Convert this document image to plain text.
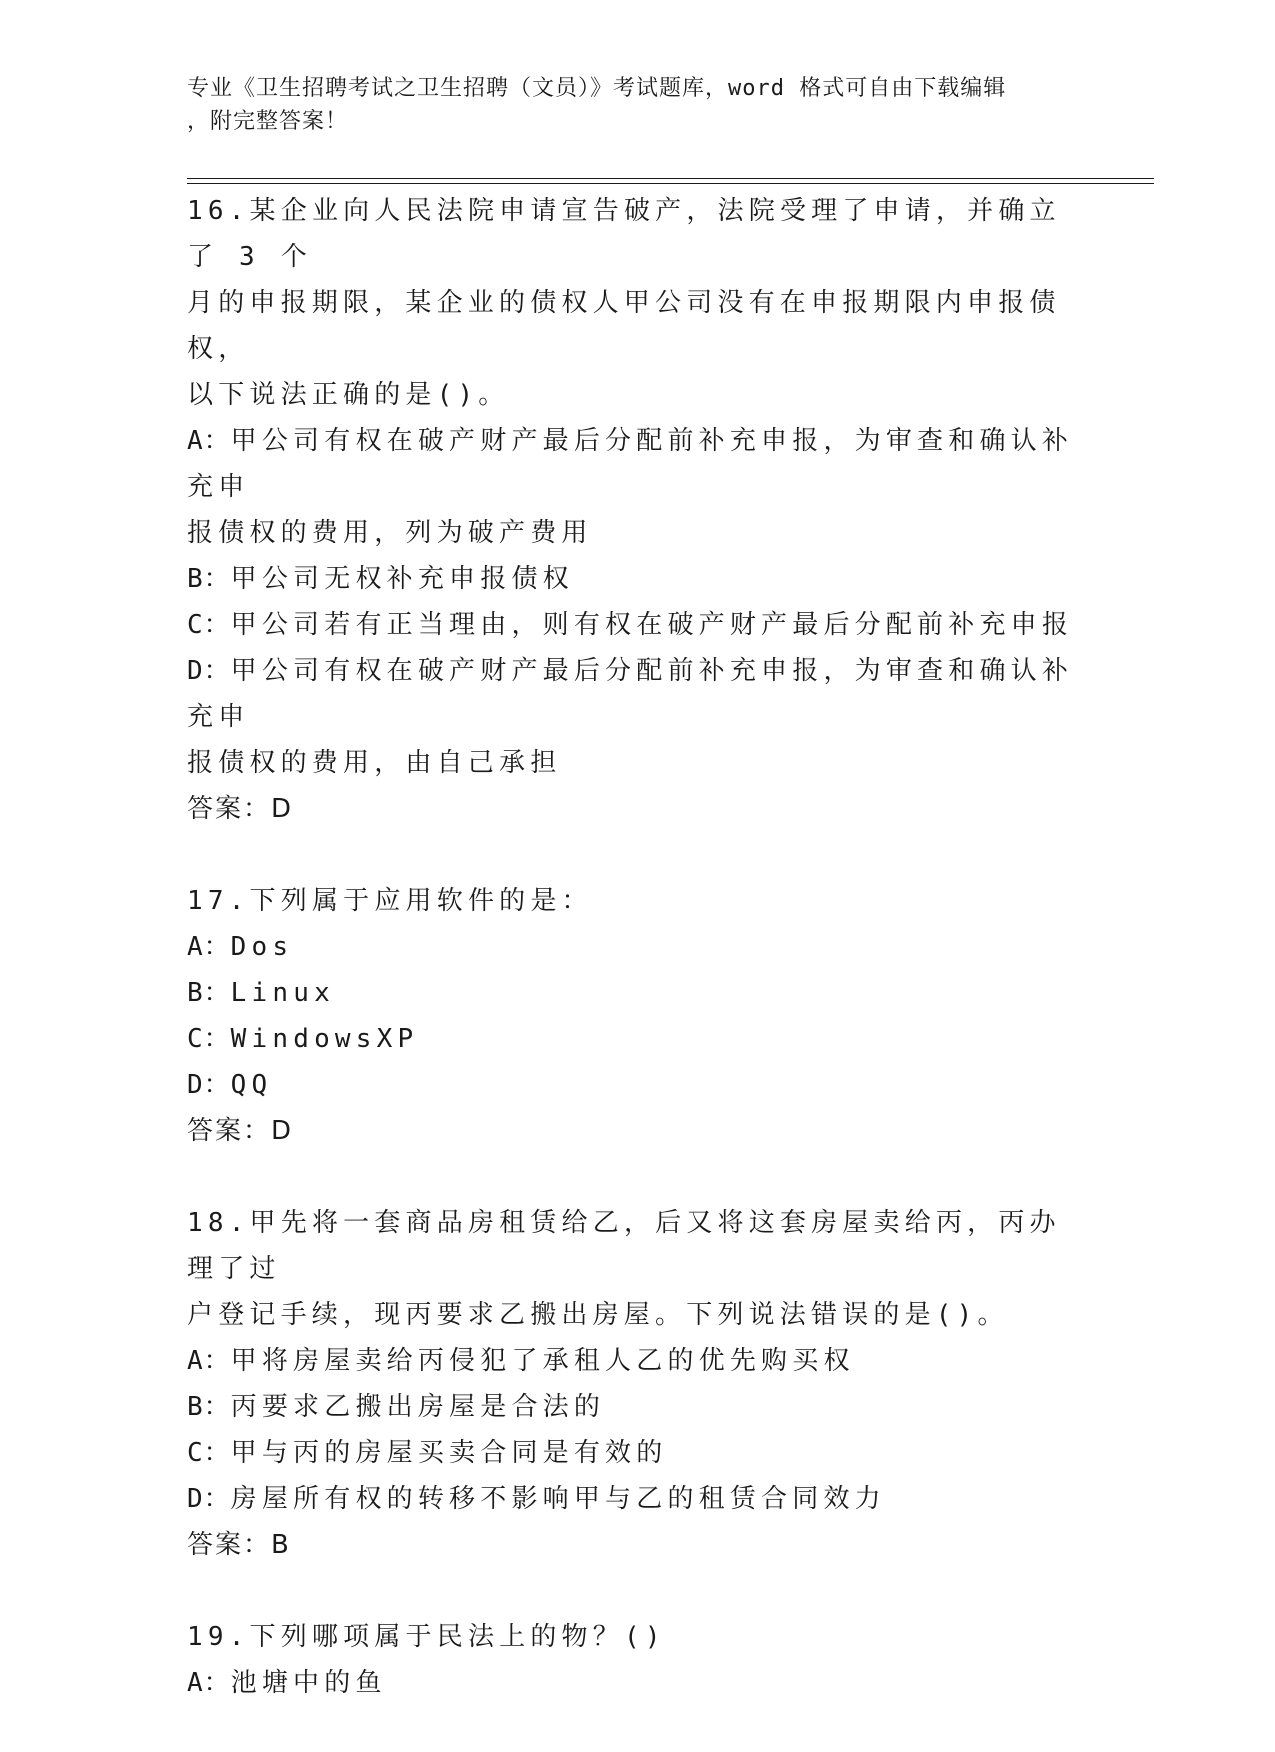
专业《卫生招聘考试之卫生招聘（文员）》考试题库，word 格式可自由下载编辑
，附完整答案！

16.某企业向人民法院申请宣告破产，法院受理了申请，并确立了 3 个

月的申报期限，某企业的债权人甲公司没有在申报期限内申报债权，

以下说法正确的是()。

A：甲公司有权在破产财产最后分配前补充申报，为审查和确认补充申

报债权的费用，列为破产费用

B：甲公司无权补充申报债权

C：甲公司若有正当理由，则有权在破产财产最后分配前补充申报

D：甲公司有权在破产财产最后分配前补充申报，为审查和确认补充申

报债权的费用，由自己承担

答案：D

17.下列属于应用软件的是：

A：Dos

B：Linux

C：WindowsXP

D：QQ

答案：D

18.甲先将一套商品房租赁给乙，后又将这套房屋卖给丙，丙办理了过

户登记手续，现丙要求乙搬出房屋。下列说法错误的是()。

A：甲将房屋卖给丙侵犯了承租人乙的优先购买权

B：丙要求乙搬出房屋是合法的

C：甲与丙的房屋买卖合同是有效的

D：房屋所有权的转移不影响甲与乙的租赁合同效力

答案：B

19.下列哪项属于民法上的物？()

A：池塘中的鱼
